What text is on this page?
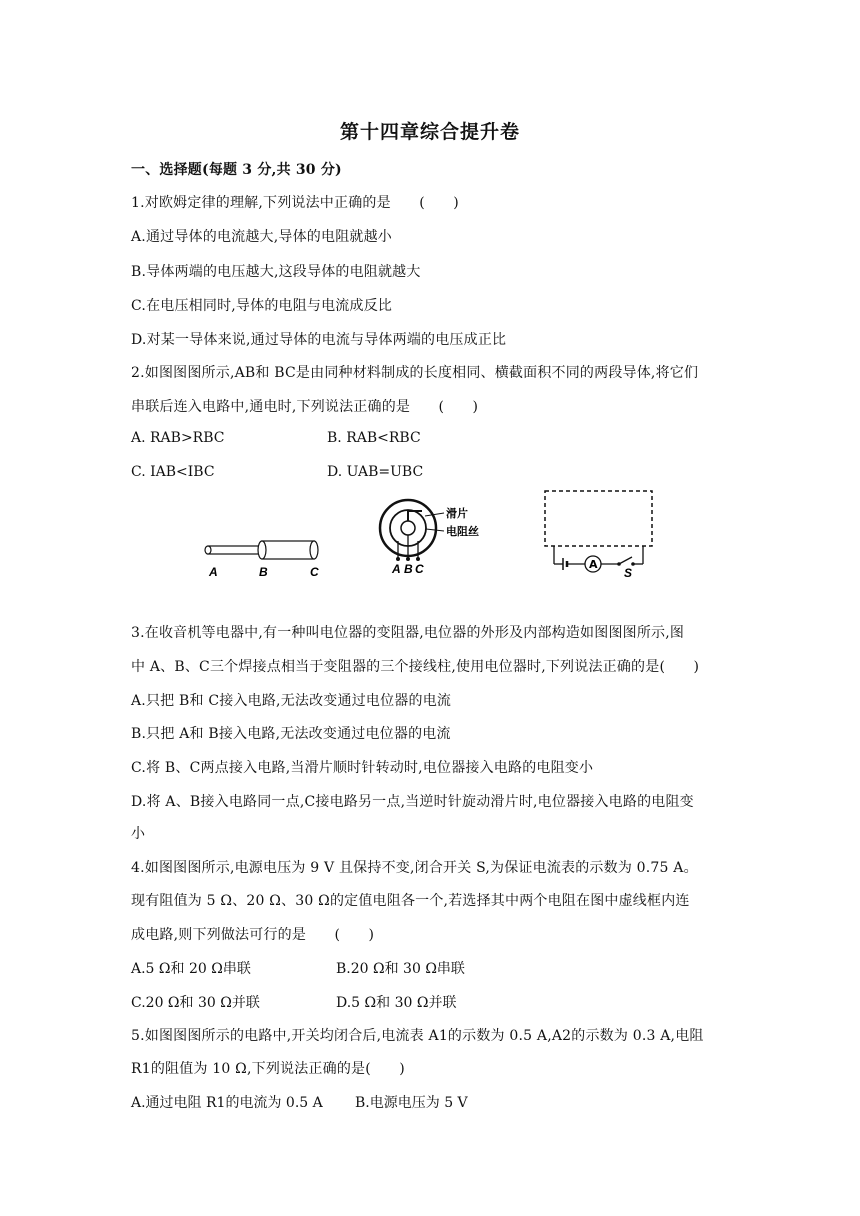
第十四章综合提升卷
一、选择题(每题 3 分,共 30 分)
1.对欧姆定律的理解,下列说法中正确的是　　(　　)
A.通过导体的电流越大,导体的电阻就越小
B.导体两端的电压越大,这段导体的电阻就越大
C.在电压相同时,导体的电阻与电流成反比
D.对某一导体来说,通过导体的电流与导体两端的电压成正比
2.如图图图所示,AB和 BC是由同种材料制成的长度相同、横截面积不同的两段导体,将它们
串联后连入电路中,通电时,下列说法正确的是　　(　　)
A. RAB>RBC	B. RAB<RBC
C. IAB<IBC	D. UAB=UBC
A	B	C
滑片
电阻丝
A B C	A
S
3.在收音机等电器中,有一种叫电位器的变阻器,电位器的外形及内部构造如图图图所示,图
中 A、B、C三个焊接点相当于变阻器的三个接线柱,使用电位器时,下列说法正确的是(　　)
A.只把 B和 C接入电路,无法改变通过电位器的电流
B.只把 A和 B接入电路,无法改变通过电位器的电流
C.将 B、C两点接入电路,当滑片顺时针转动时,电位器接入电路的电阻变小
D.将 A、B接入电路同一点,C接电路另一点,当逆时针旋动滑片时,电位器接入电路的电阻变
小
4.如图图图所示,电源电压为 9 V 且保持不变,闭合开关 S,为保证电流表的示数为 0.75 A。
现有阻值为 5 Ω、20 Ω、30 Ω的定值电阻各一个,若选择其中两个电阻在图中虚线框内连
成电路,则下列做法可行的是　　(　　)
A.5 Ω和 20 Ω串联	B.20 Ω和 30 Ω串联
C.20 Ω和 30 Ω并联	D.5 Ω和 30 Ω并联
5.如图图图所示的电路中,开关均闭合后,电流表 A1的示数为 0.5 A,A2的示数为 0.3 A,电阻
R1的阻值为 10 Ω,下列说法正确的是(　　)
A.通过电阻 R1的电流为 0.5 A B.电源电压为 5 V
